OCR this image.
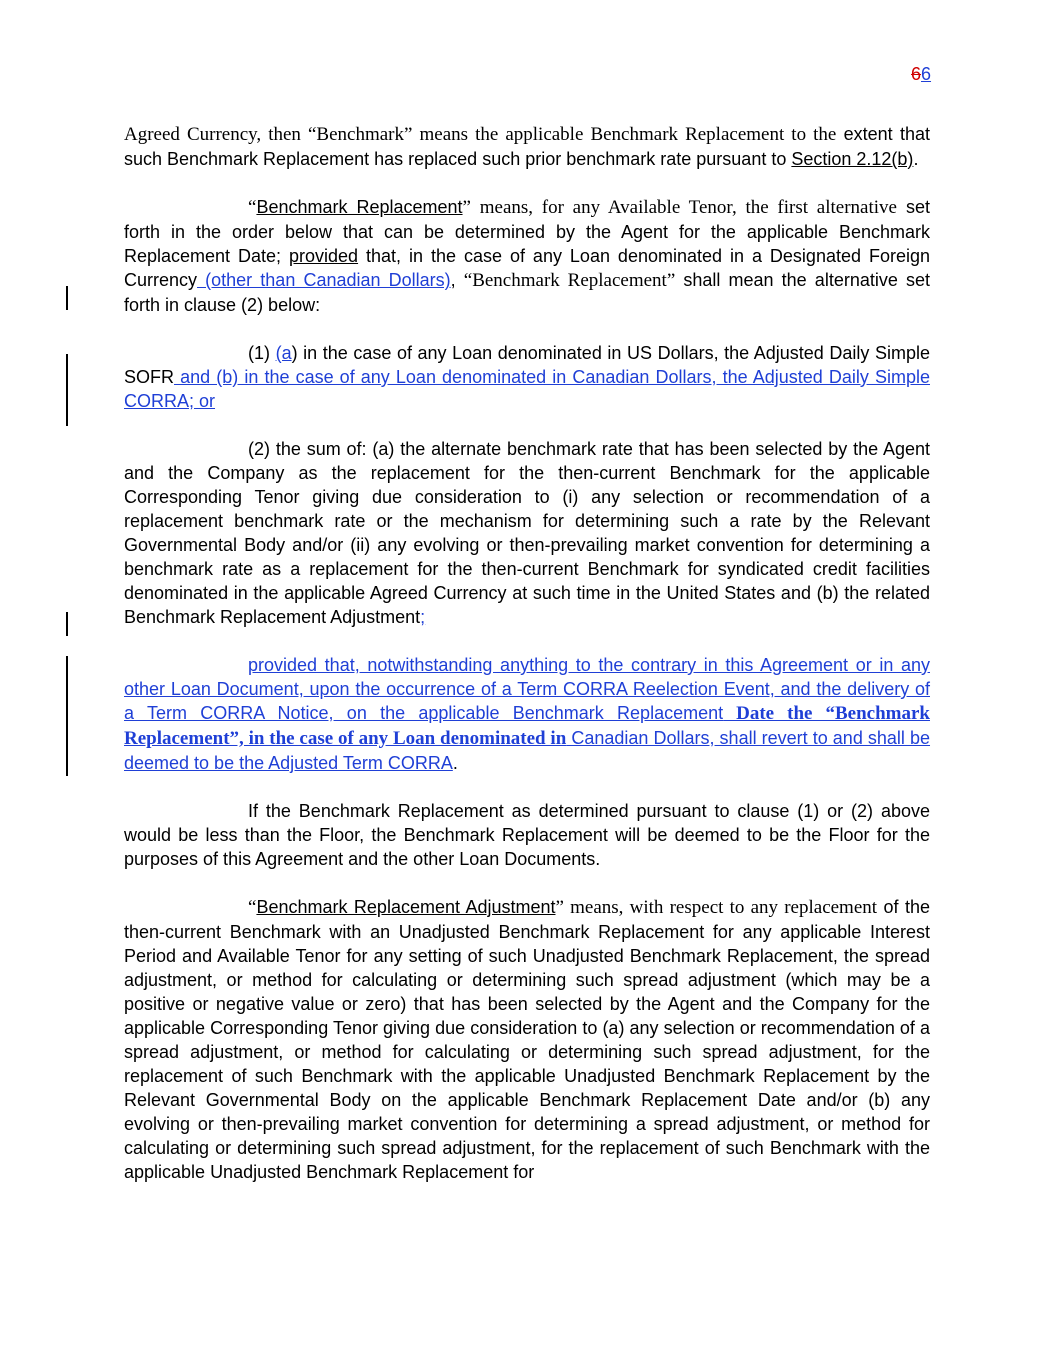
66

Agreed Currency, then “Benchmark” means the applicable Benchmark Replacement to the extent that such Benchmark Replacement has replaced such prior benchmark rate pursuant to Section 2.12(b).

“Benchmark Replacement” means, for any Available Tenor, the first alternative set forth in the order below that can be determined by the Agent for the applicable Benchmark Replacement Date; provided that, in the case of any Loan denominated in a Designated Foreign Currency (other than Canadian Dollars), “Benchmark Replacement” shall mean the alternative set forth in clause (2) below:

(1) (a) in the case of any Loan denominated in US Dollars, the Adjusted Daily Simple SOFR and (b) in the case of any Loan denominated in Canadian Dollars, the Adjusted Daily Simple CORRA; or

(2) the sum of: (a) the alternate benchmark rate that has been selected by the Agent and the Company as the replacement for the then-current Benchmark for the applicable Corresponding Tenor giving due consideration to (i) any selection or recommendation of a replacement benchmark rate or the mechanism for determining such a rate by the Relevant Governmental Body and/or (ii) any evolving or then-prevailing market convention for determining a benchmark rate as a replacement for the then-current Benchmark for syndicated credit facilities denominated in the applicable Agreed Currency at such time in the United States and (b) the related Benchmark Replacement Adjustment;

provided that, notwithstanding anything to the contrary in this Agreement or in any other Loan Document, upon the occurrence of a Term CORRA Reelection Event, and the delivery of a Term CORRA Notice, on the applicable Benchmark Replacement Date the “Benchmark Replacement”, in the case of any Loan denominated in Canadian Dollars, shall revert to and shall be deemed to be the Adjusted Term CORRA.

If the Benchmark Replacement as determined pursuant to clause (1) or (2) above would be less than the Floor, the Benchmark Replacement will be deemed to be the Floor for the purposes of this Agreement and the other Loan Documents.

“Benchmark Replacement Adjustment” means, with respect to any replacement of the then-current Benchmark with an Unadjusted Benchmark Replacement for any applicable Interest Period and Available Tenor for any setting of such Unadjusted Benchmark Replacement, the spread adjustment, or method for calculating or determining such spread adjustment (which may be a positive or negative value or zero) that has been selected by the Agent and the Company for the applicable Corresponding Tenor giving due consideration to (a) any selection or recommendation of a spread adjustment, or method for calculating or determining such spread adjustment, for the replacement of such Benchmark with the applicable Unadjusted Benchmark Replacement by the Relevant Governmental Body on the applicable Benchmark Replacement Date and/or (b) any evolving or then-prevailing market convention for determining a spread adjustment, or method for calculating or determining such spread adjustment, for the replacement of such Benchmark with the applicable Unadjusted Benchmark Replacement for
